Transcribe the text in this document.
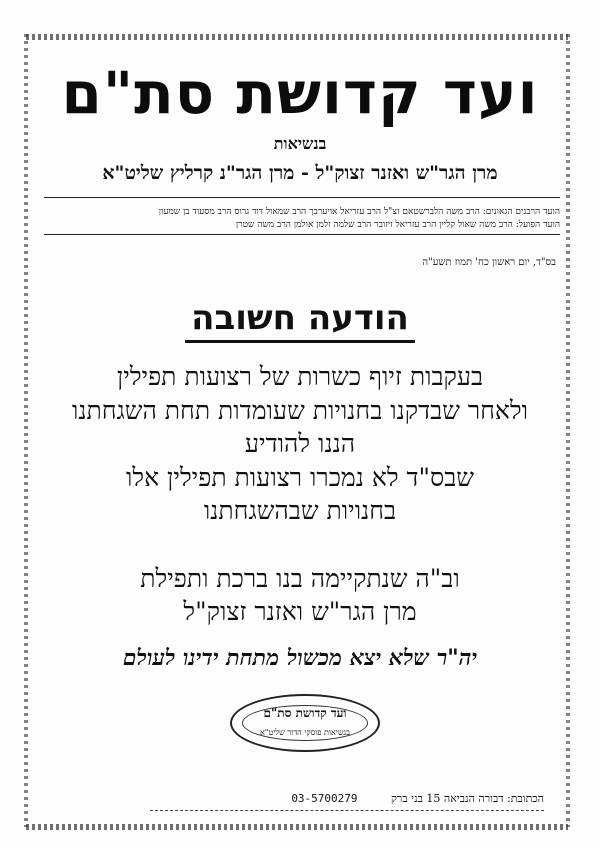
ועד קדושת סת"ם
בנשיאות
מרן הגר"ש ואזנר זצוק"ל - מרן הגר"נ קרליץ שליט"א
הועד הרבנים הגאונים: הרב משה הלברשטאם זצ"ל הרב עזריאל אויערבך הרב שמאול דוד גרוס הרב מסעוד בן שמעון
הועד הפועל: הרב משה שאול קליין הרב עזריאל זיזובר הרב שלמה זלמן אולמן הרב משה שטרן
בס"ד, יום ראשון כח' תמוז תשע"ה
הודעה חשובה
בעקבות זיוף כשרות של רצועות תפילין
ולאחר שבדקנו בחנויות שעומדות תחת השגחתנו
הננו להודיע
שבס"ד לא נמכרו רצועות תפילין אלו
בחנויות שבהשגחתנו
וב"ה שנתקיימה בנו ברכת ותפילת
מרן הגר"ש ואזנר זצוק"ל
יה"ר שלא יצא מכשול מתחת ידינו לעולם
ועד קדושת סת"ם
בנשיאות פוסקי הדור שליט"א
הכתובת: דבורה הנביאה 15 בני ברק 03-5700279
